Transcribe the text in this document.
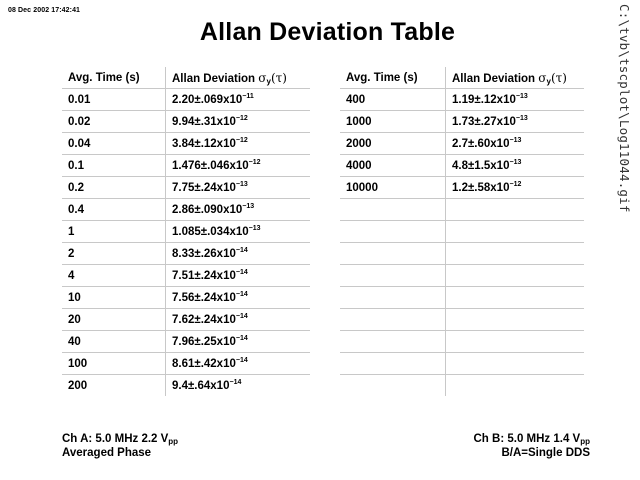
08 Dec 2002 17:42:41	C:\tvb\tscplot\Log11044.gif
Allan Deviation Table
Avg. Time (s)	Allan Deviation $\sigma_y(\tau)$
0.01	$2.20\pm.069x10^{-11}$
0.02	$9.94\pm.31x10^{-12}$
0.04	$3.84\pm.12x10^{-12}$
0.1	$1.476\pm.046x10^{-12}$
0.2	$7.75\pm.24x10^{-13}$
0.4	$2.86\pm.090x10^{-13}$
1	$1.085\pm.034x10^{-13}$
2	$8.33\pm.26x10^{-14}$
4	$7.51\pm.24x10^{-14}$
10	$7.56\pm.24x10^{-14}$
20	$7.62\pm.24x10^{-14}$
40	$7.96\pm.25x10^{-14}$
100	$8.61\pm.42x10^{-14}$
200	$9.4\pm.64x10^{-14}$
Avg. Time (s)	Allan Deviation $\sigma_y(\tau)$
400	$1.19\pm.12x10^{-13}$
1000	$1.73\pm.27x10^{-13}$
2000	$2.7\pm.60x10^{-13}$
4000	$4.8\pm 1.5x10^{-13}$
10000	$1.2\pm.58x10^{-12}$

Ch A: 5.0 MHz 2.2 $V_{pp}$
Averaged Phase
Ch B: 5.0 MHz 1.4 $V_{pp}$
B/A=Single DDS
